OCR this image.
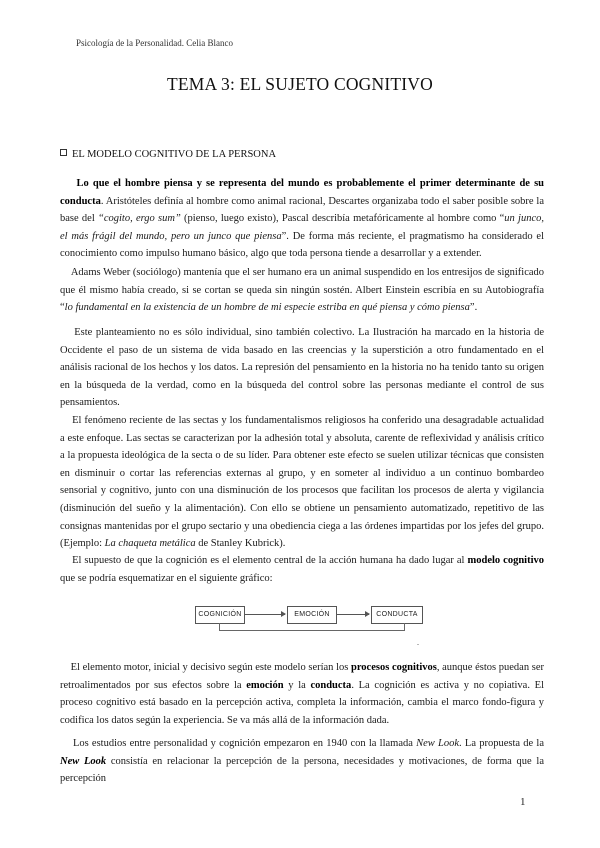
Psicología de la Personalidad. Celia Blanco
TEMA 3: EL SUJETO COGNITIVO
EL MODELO COGNITIVO DE LA PERSONA

Lo que el hombre piensa y se representa del mundo es probablemente el primer determinante de su conducta. Aristóteles definía al hombre como animal racional, Descartes organizaba todo el saber posible sobre la base del “cogito, ergo sum” (pienso, luego existo), Pascal describía metafóricamente al hombre como “un junco, el más frágil del mundo, pero un junco que piensa”. De forma más reciente, el pragmatismo ha considerado el conocimiento como impulso humano básico, algo que toda persona tiende a desarrollar y a extender.

Adams Weber (sociólogo) mantenía que el ser humano era un animal suspendido en los entresijos de significado que él mismo había creado, si se cortan se queda sin ningún sostén. Albert Einstein escribía en su Autobiografía “lo fundamental en la existencia de un hombre de mi especie estriba en qué piensa y cómo piensa”.

Este planteamiento no es sólo individual, sino también colectivo. La Ilustración ha marcado en la historia de Occidente el paso de un sistema de vida basado en las creencias y la superstición a otro fundamentado en el análisis racional de los hechos y los datos. La represión del pensamiento en la historia no ha tenido tanto su origen en la búsqueda de la verdad, como en la búsqueda del control sobre las personas mediante el control de sus pensamientos.

El fenómeno reciente de las sectas y los fundamentalismos religiosos ha conferido una desagradable actualidad a este enfoque. Las sectas se caracterizan por la adhesión total y absoluta, carente de reflexividad y análisis crítico a la propuesta ideológica de la secta o de su líder. Para obtener este efecto se suelen utilizar técnicas que consisten en disminuir o cortar las referencias externas al grupo, y en someter al individuo a un continuo bombardeo sensorial y cognitivo, junto con una disminución de los procesos que facilitan los procesos de alerta y vigilancia (disminución del sueño y la alimentación). Con ello se obtiene un pensamiento automatizado, repetitivo de las consignas mantenidas por el grupo sectario y una obediencia ciega a las órdenes impartidas por los jefes del grupo. (Ejemplo: La chaqueta metálica de Stanley Kubrick).

El supuesto de que la cognición es el elemento central de la acción humana ha dado lugar al modelo cognitivo que se podría esquematizar en el siguiente gráfico:

COGNICIÓN	EMOCIÓN	CONDUCTA
.

El elemento motor, inicial y decisivo según este modelo serían los procesos cognitivos, aunque éstos puedan ser retroalimentados por sus efectos sobre la emoción y la conducta. La cognición es activa y no copiativa. El proceso cognitivo está basado en la percepción activa, completa la información, cambia el marco fondo-figura y codifica los datos según la experiencia. Se va más allá de la información dada.

Los estudios entre personalidad y cognición empezaron en 1940 con la llamada New Look. La propuesta de la New Look consistía en relacionar la percepción de la persona, necesidades y motivaciones, de forma que la percepción

1
